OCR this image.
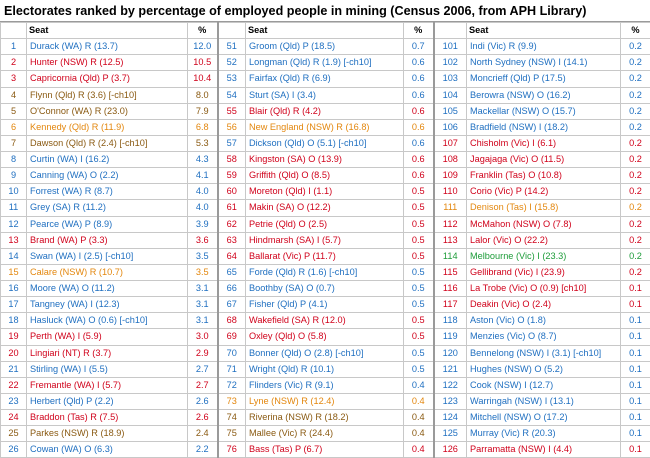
Electorates ranked by percentage of employed people in mining (Census 2006, from APH Library)
	Seat	%		Seat	%		Seat	%
1	Durack (WA) R (13.7)	12.0	51	Groom (Qld) P (18.5)	0.7	101	Indi (Vic) R (9.9)	0.2
2	Hunter (NSW) R (12.5)	10.5	52	Longman (Qld) R (1.9) [-ch10]	0.6	102	North Sydney (NSW) I (14.1)	0.2
3	Capricornia (Qld) P (3.7)	10.4	53	Fairfax (Qld) R (6.9)	0.6	103	Moncrieff (Qld) P (17.5)	0.2
4	Flynn (Qld) R (3.6) [-ch10]	8.0	54	Sturt (SA) I (3.4)	0.6	104	Berowra (NSW) O (16.2)	0.2
5	O'Connor (WA) R (23.0)	7.9	55	Blair (Qld) R (4.2)	0.6	105	Mackellar (NSW) O (15.7)	0.2
6	Kennedy (Qld) R (11.9)	6.8	56	New England (NSW) R (16.8)	0.6	106	Bradfield (NSW) I (18.2)	0.2
7	Dawson (Qld) R (2.4) [-ch10]	5.3	57	Dickson (Qld) O (5.1) [-ch10]	0.6	107	Chisholm (Vic) I (6.1)	0.2
8	Curtin (WA) I (16.2)	4.3	58	Kingston (SA) O (13.9)	0.6	108	Jagajaga (Vic) O (11.5)	0.2
9	Canning (WA) O (2.2)	4.1	59	Griffith (Qld) O (8.5)	0.6	109	Franklin (Tas) O (10.8)	0.2
10	Forrest (WA) R (8.7)	4.0	60	Moreton (Qld) I (1.1)	0.5	110	Corio (Vic) P (14.2)	0.2
11	Grey (SA) R (11.2)	4.0	61	Makin (SA) O (12.2)	0.5	111	Denison (Tas) I (15.8)	0.2
12	Pearce (WA) P (8.9)	3.9	62	Petrie (Qld) O (2.5)	0.5	112	McMahon (NSW) O (7.8)	0.2
13	Brand (WA) P (3.3)	3.6	63	Hindmarsh (SA) I (5.7)	0.5	113	Lalor (Vic) O (22.2)	0.2
14	Swan (WA) I (2.5) [-ch10]	3.5	64	Ballarat (Vic) P (11.7)	0.5	114	Melbourne (Vic) I (23.3)	0.2
15	Calare (NSW) R (10.7)	3.5	65	Forde (Qld) R (1.6) [-ch10]	0.5	115	Gellibrand (Vic) I (23.9)	0.2
16	Moore (WA) O (11.2)	3.1	66	Boothby (SA) O (0.7)	0.5	116	La Trobe (Vic) O (0.9) [ch10]	0.1
17	Tangney (WA) I (12.3)	3.1	67	Fisher (Qld) P (4.1)	0.5	117	Deakin (Vic) O (2.4)	0.1
18	Hasluck (WA) O (0.6) [-ch10]	3.1	68	Wakefield (SA) R (12.0)	0.5	118	Aston (Vic) O (1.8)	0.1
19	Perth (WA) I (5.9)	3.0	69	Oxley (Qld) O (5.8)	0.5	119	Menzies (Vic) O (8.7)	0.1
20	Lingiari (NT) R (3.7)	2.9	70	Bonner (Qld) O (2.8) [-ch10]	0.5	120	Bennelong (NSW) I (3.1) [-ch10]	0.1
21	Stirling (WA) I (5.5)	2.7	71	Wright (Qld) R (10.1)	0.5	121	Hughes (NSW) O (5.2)	0.1
22	Fremantle (WA) I (5.7)	2.7	72	Flinders (Vic) R (9.1)	0.4	122	Cook (NSW) I (12.7)	0.1
23	Herbert (Qld) P (2.2)	2.6	73	Lyne (NSW) R (12.4)	0.4	123	Warringah (NSW) I (13.1)	0.1
24	Braddon (Tas) R (7.5)	2.6	74	Riverina (NSW) R (18.2)	0.4	124	Mitchell (NSW) O (17.2)	0.1
25	Parkes (NSW) R (18.9)	2.4	75	Mallee (Vic) R (24.4)	0.4	125	Murray (Vic) R (20.3)	0.1
26	Cowan (WA) O (6.3)	2.2	76	Bass (Tas) P (6.7)	0.4	126	Parramatta (NSW) I (4.4)	0.1
